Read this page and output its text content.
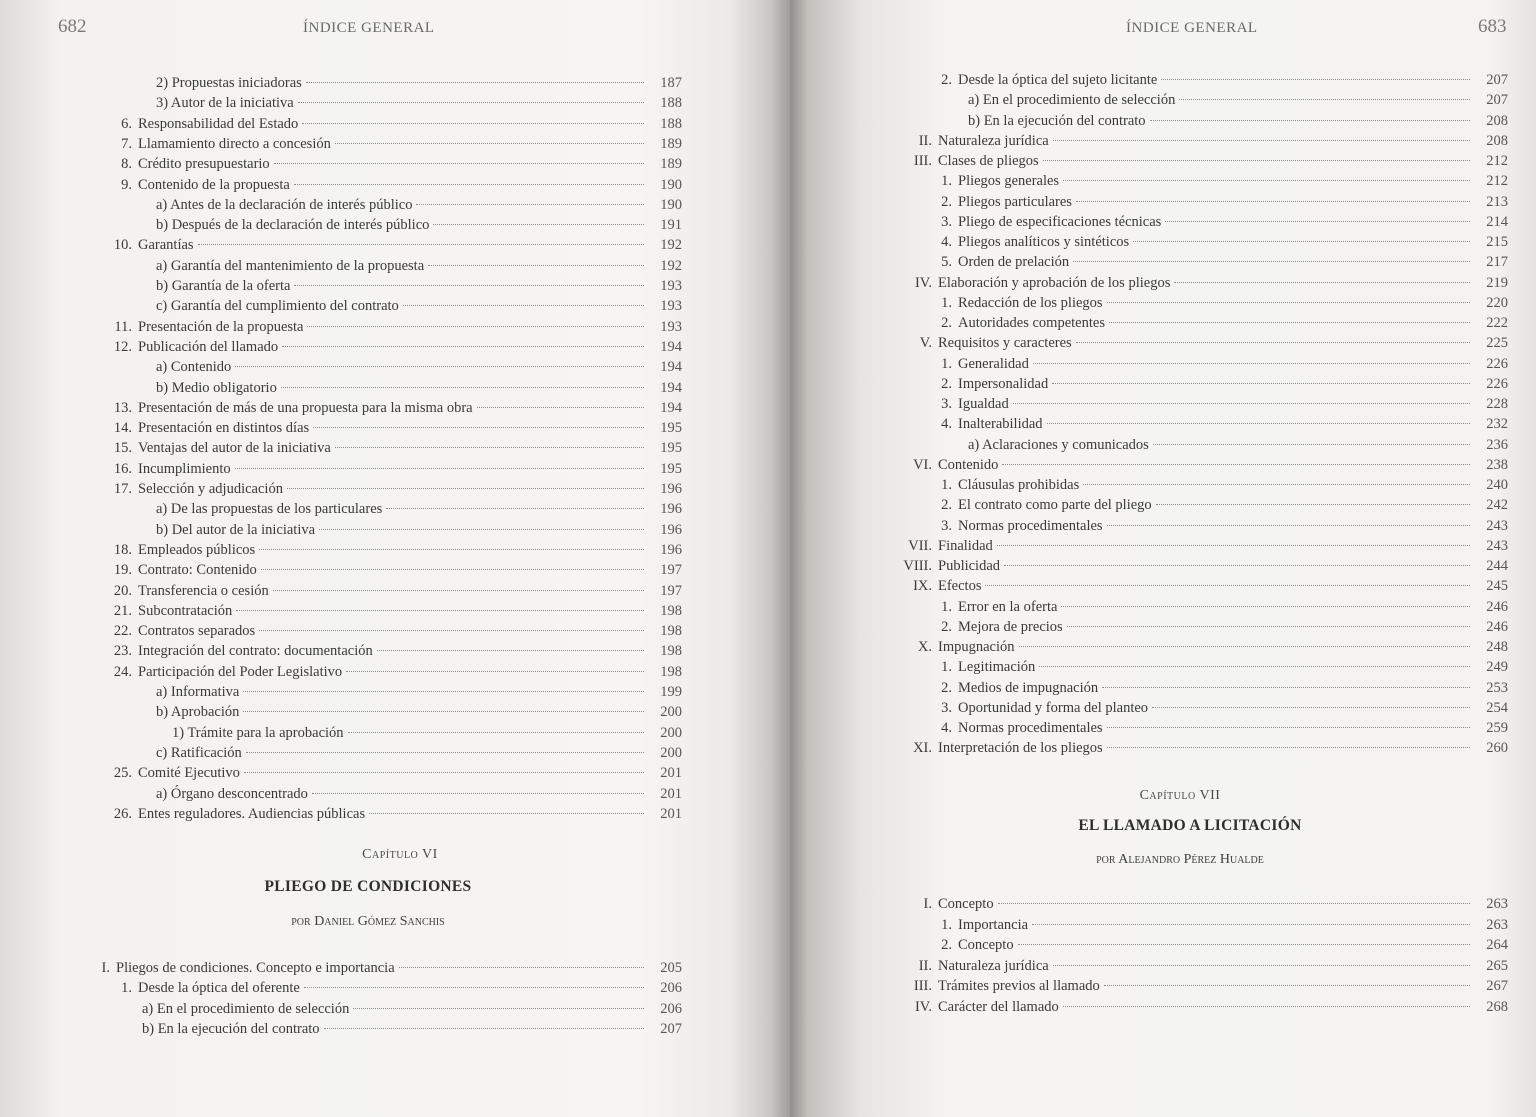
682	ÍNDICE GENERAL
2) Propuestas iniciadoras	187
3) Autor de la iniciativa	188
6. Responsabilidad del Estado	188
7. Llamamiento directo a concesión	189
8. Crédito presupuestario	189
9. Contenido de la propuesta	190
a) Antes de la declaración de interés público	190
b) Después de la declaración de interés público	191
10. Garantías	192
a) Garantía del mantenimiento de la propuesta	192
b) Garantía de la oferta	193
c) Garantía del cumplimiento del contrato	193
11. Presentación de la propuesta	193
12. Publicación del llamado	194
a) Contenido	194
b) Medio obligatorio	194
13. Presentación de más de una propuesta para la misma obra	194
14. Presentación en distintos días	195
15. Ventajas del autor de la iniciativa	195
16. Incumplimiento	195
17. Selección y adjudicación	196
a) De las propuestas de los particulares	196
b) Del autor de la iniciativa	196
18. Empleados públicos	196
19. Contrato: Contenido	197
20. Transferencia o cesión	197
21. Subcontratación	198
22. Contratos separados	198
23. Integración del contrato: documentación	198
24. Participación del Poder Legislativo	198
a) Informativa	199
b) Aprobación	200
1) Trámite para la aprobación	200
c) Ratificación	200
25. Comité Ejecutivo	201
a) Órgano desconcentrado	201
26. Entes reguladores. Audiencias públicas	201
Capítulo VI
PLIEGO DE CONDICIONES
por Daniel Gómez Sanchis
I. Pliegos de condiciones. Concepto e importancia	205
1. Desde la óptica del oferente	206
a) En el procedimiento de selección	206
b) En la ejecución del contrato	207
ÍNDICE GENERAL	683
2. Desde la óptica del sujeto licitante	207
a) En el procedimiento de selección	207
b) En la ejecución del contrato	208
II. Naturaleza jurídica	208
III. Clases de pliegos	212
1. Pliegos generales	212
2. Pliegos particulares	213
3. Pliego de especificaciones técnicas	214
4. Pliegos analíticos y sintéticos	215
5. Orden de prelación	217
IV. Elaboración y aprobación de los pliegos	219
1. Redacción de los pliegos	220
2. Autoridades competentes	222
V. Requisitos y caracteres	225
1. Generalidad	226
2. Impersonalidad	226
3. Igualdad	228
4. Inalterabilidad	232
a) Aclaraciones y comunicados	236
VI. Contenido	238
1. Cláusulas prohibidas	240
2. El contrato como parte del pliego	242
3. Normas procedimentales	243
VII. Finalidad	243
VIII. Publicidad	244
IX. Efectos	245
1. Error en la oferta	246
2. Mejora de precios	246
X. Impugnación	248
1. Legitimación	249
2. Medios de impugnación	253
3. Oportunidad y forma del planteo	254
4. Normas procedimentales	259
XI. Interpretación de los pliegos	260
Capítulo VII
EL LLAMADO A LICITACIÓN
por Alejandro Pérez Hualde
I. Concepto	263
1. Importancia	263
2. Concepto	264
II. Naturaleza jurídica	265
III. Trámites previos al llamado	267
IV. Carácter del llamado	268
